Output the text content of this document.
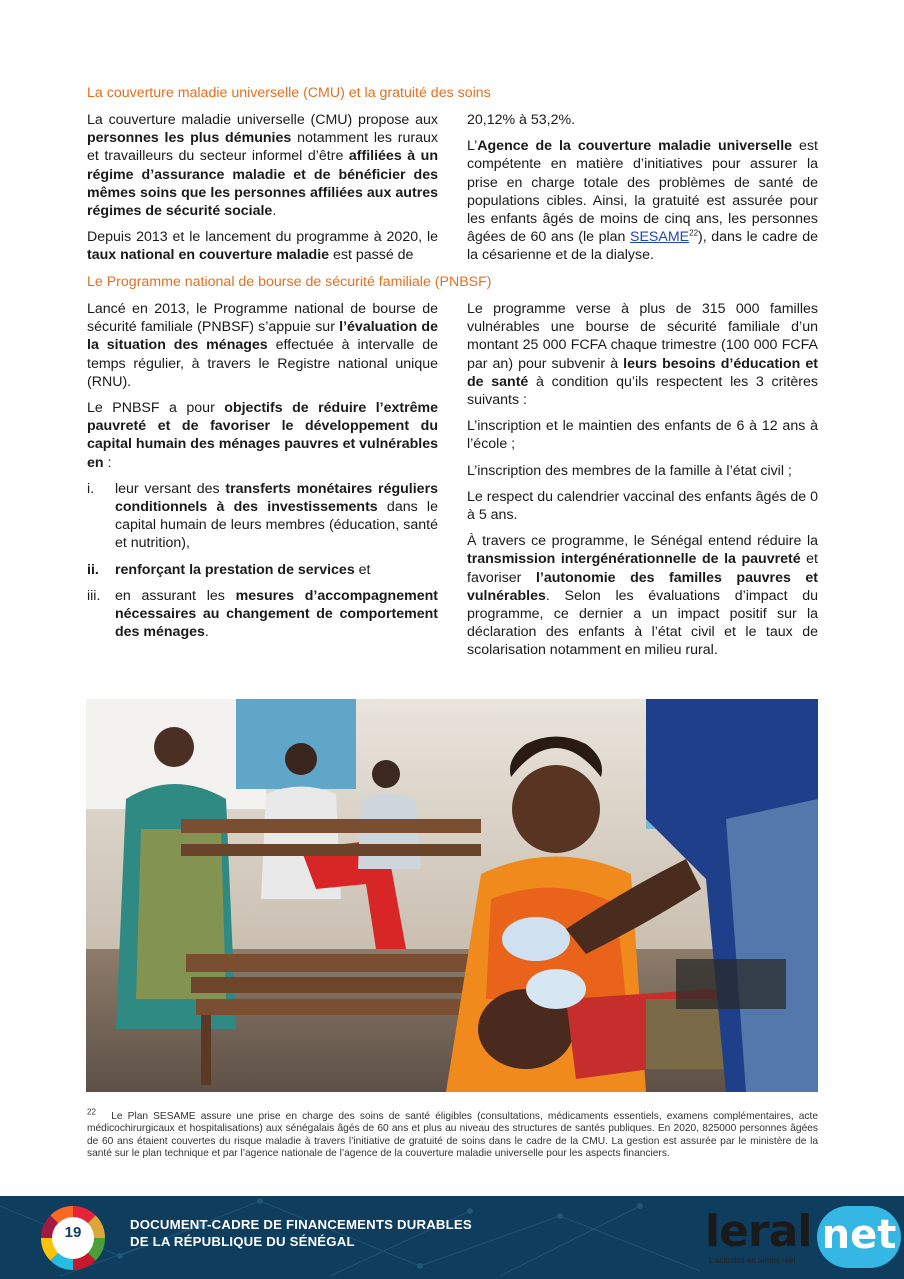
La couverture maladie universelle (CMU) et la gratuité des soins

La couverture maladie universelle (CMU) propose aux personnes les plus démunies notamment les ruraux et travailleurs du secteur informel d’être affiliées à un régime d’assurance maladie et de bénéficier des mêmes soins que les personnes affiliées aux autres régimes de sécurité sociale.

Depuis 2013 et le lancement du programme à 2020, le taux national en couverture maladie est passé de

20,12% à 53,2%.

L’Agence de la couverture maladie universelle est compétente en matière d’initiatives pour assurer la prise en charge totale des problèmes de santé de populations cibles. Ainsi, la gratuité est assurée pour les enfants âgés de moins de cinq ans, les personnes âgées de 60 ans (le plan SESAME$^{22}$), dans le cadre de la césarienne et de la dialyse.

Le Programme national de bourse de sécurité familiale (PNBSF)

Lancé en 2013, le Programme national de bourse de sécurité familiale (PNBSF) s’appuie sur l’évaluation de la situation des ménages effectuée à intervalle de temps régulier, à travers le Registre national unique (RNU).

Le PNBSF a pour objectifs de réduire l’extrême pauvreté et de favoriser le développement du capital humain des ménages pauvres et vulnérables en :

i. leur versant des transferts monétaires réguliers conditionnels à des investissements dans le capital humain de leurs membres (éducation, santé et nutrition),
ii. renforçant la prestation de services et
iii. en assurant les mesures d’accompagnement nécessaires au changement de comportement des ménages.

Le programme verse à plus de 315 000 familles vulnérables une bourse de sécurité familiale d’un montant 25 000 FCFA chaque trimestre (100 000 FCFA par an) pour subvenir à leurs besoins d’éducation et de santé à condition qu’ils respectent les 3 critères suivants :

L’inscription et le maintien des enfants de 6 à 12 ans à l’école ;

L’inscription des membres de la famille à l’état civil ;

Le respect du calendrier vaccinal des enfants âgés de 0 à 5 ans.

À travers ce programme, le Sénégal entend réduire la transmission intergénérationnelle de la pauvreté et favoriser l’autonomie des familles pauvres et vulnérables. Selon les évaluations d’impact du programme, ce dernier a un impact positif sur la déclaration des enfants à l’état civil et le taux de scolarisation notamment en milieu rural.

$^{22}$ Le Plan SESAME assure une prise en charge des soins de santé éligibles (consultations, médicaments essentiels, examens complémentaires, acte médicochirurgicaux et hospitalisations) aux sénégalais âgés de 60 ans et plus au niveau des structures de santés publiques. En 2020, 825000 personnes âgées de 60 ans étaient couvertes du risque maladie à travers l’initiative de gratuité de soins dans le cadre de la CMU. La gestion est assurée par le ministère de la santé sur le plan technique et par l’agence nationale de l’agence de la couverture maladie universelle pour les aspects financiers.
19	DOCUMENT-CADRE DE FINANCEMENTS DURABLES
DE LA RÉPUBLIQUE DU SÉNÉGAL	leral net
L’actualité en temps réel
